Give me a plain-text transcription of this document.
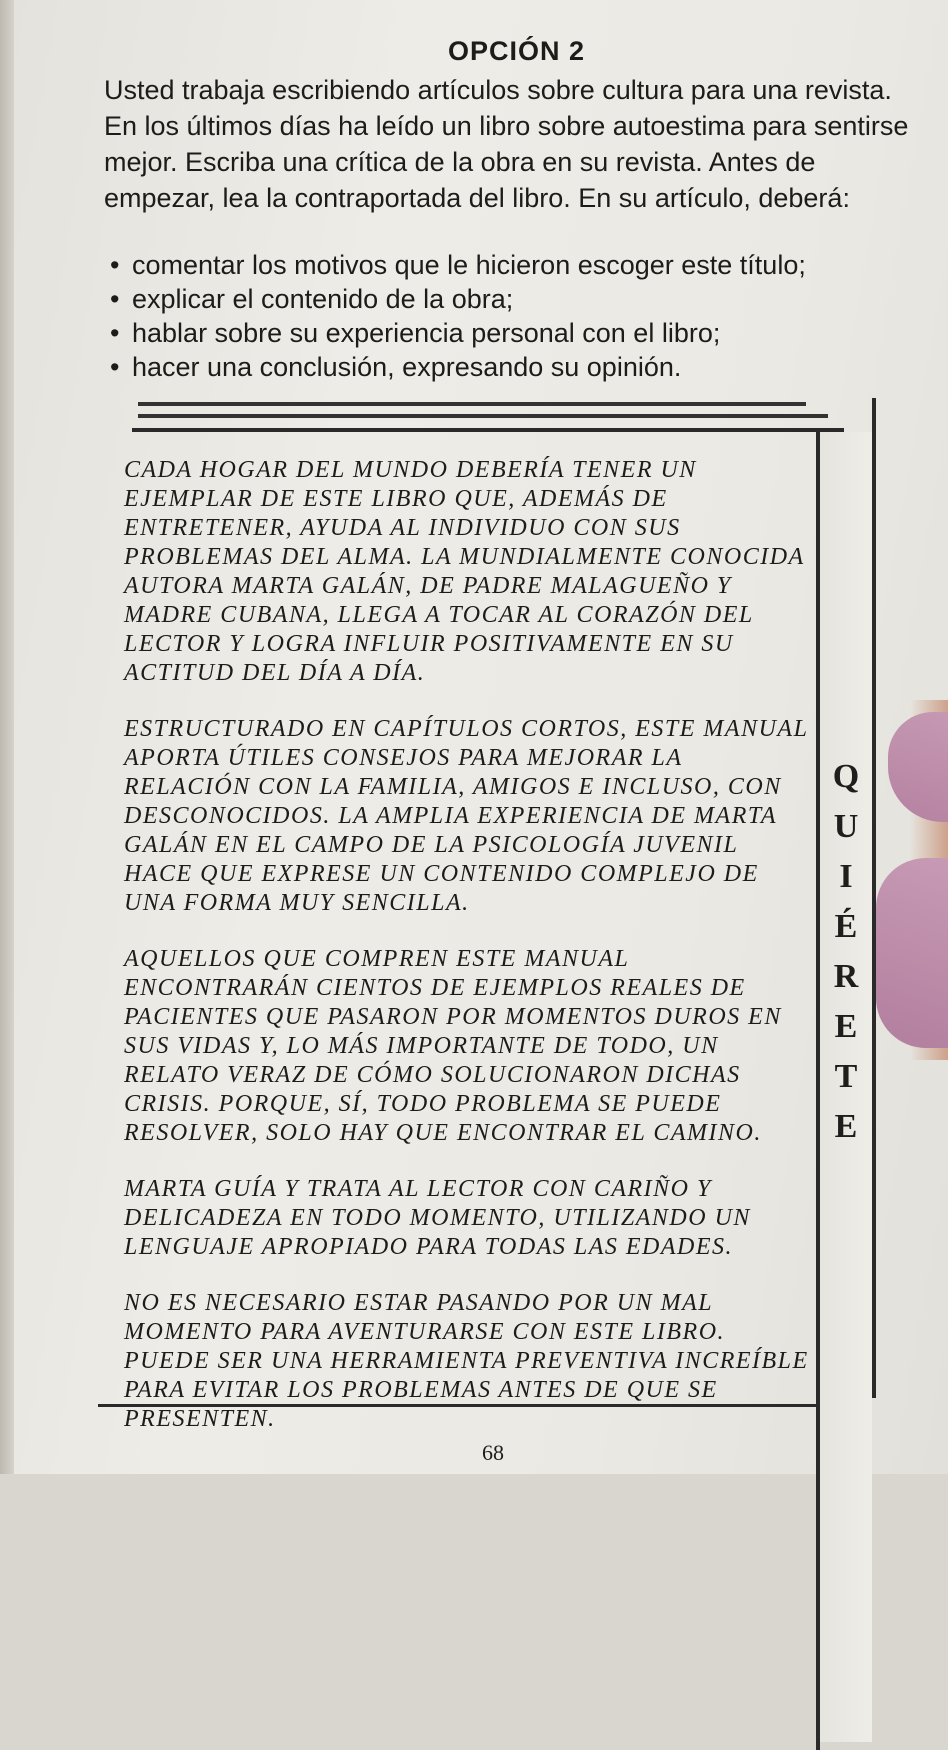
OPCIÓN 2

Usted trabaja escribiendo artículos sobre cultura para una revista.

En los últimos días ha leído un libro sobre autoestima para sentirse

mejor. Escriba una crítica de la obra en su revista. Antes de

empezar, lea la contraportada del libro. En su artículo, deberá:

• comentar los motivos que le hicieron escoger este título;
• explicar el contenido de la obra;
• hablar sobre su experiencia personal con el libro;
• hacer una conclusión, expresando su opinión.

CADA HOGAR DEL MUNDO DEBERÍA TENER UN EJEMPLAR DE ESTE LIBRO QUE, ADEMÁS DE ENTRETENER, AYUDA AL INDIVIDUO CON SUS PROBLEMAS DEL ALMA. LA MUNDIALMENTE CONOCIDA AUTORA MARTA GALÁN, DE PADRE MALAGUEÑO Y MADRE CUBANA, LLEGA A TOCAR AL CORAZÓN DEL LECTOR Y LOGRA INFLUIR POSITIVAMENTE EN SU ACTITUD DEL DÍA A DÍA.

ESTRUCTURADO EN CAPÍTULOS CORTOS, ESTE MANUAL APORTA ÚTILES CONSEJOS PARA MEJORAR LA RELACIÓN CON LA FAMILIA, AMIGOS E INCLUSO, CON DESCONOCIDOS. LA AMPLIA EXPERIENCIA DE MARTA GALÁN EN EL CAMPO DE LA PSICOLOGÍA JUVENIL HACE QUE EXPRESE UN CONTENIDO COMPLEJO DE UNA FORMA MUY SENCILLA.

AQUELLOS QUE COMPREN ESTE MANUAL ENCONTRARÁN CIENTOS DE EJEMPLOS REALES DE PACIENTES QUE PASARON POR MOMENTOS DUROS EN SUS VIDAS Y, LO MÁS IMPORTANTE DE TODO, UN RELATO VERAZ DE CÓMO SOLUCIONARON DICHAS CRISIS. PORQUE, SÍ, TODO PROBLEMA SE PUEDE RESOLVER, SOLO HAY QUE ENCONTRAR EL CAMINO.

MARTA GUÍA Y TRATA AL LECTOR CON CARIÑO Y DELICADEZA EN TODO MOMENTO, UTILIZANDO UN LENGUAJE APROPIADO PARA TODAS LAS EDADES.

NO ES NECESARIO ESTAR PASANDO POR UN MAL MOMENTO PARA AVENTURARSE CON ESTE LIBRO. PUEDE SER UNA HERRAMIENTA PREVENTIVA INCREÍBLE PARA EVITAR LOS PROBLEMAS ANTES DE QUE SE PRESENTEN.

Q
U
I
É
R
E
T
E
68
